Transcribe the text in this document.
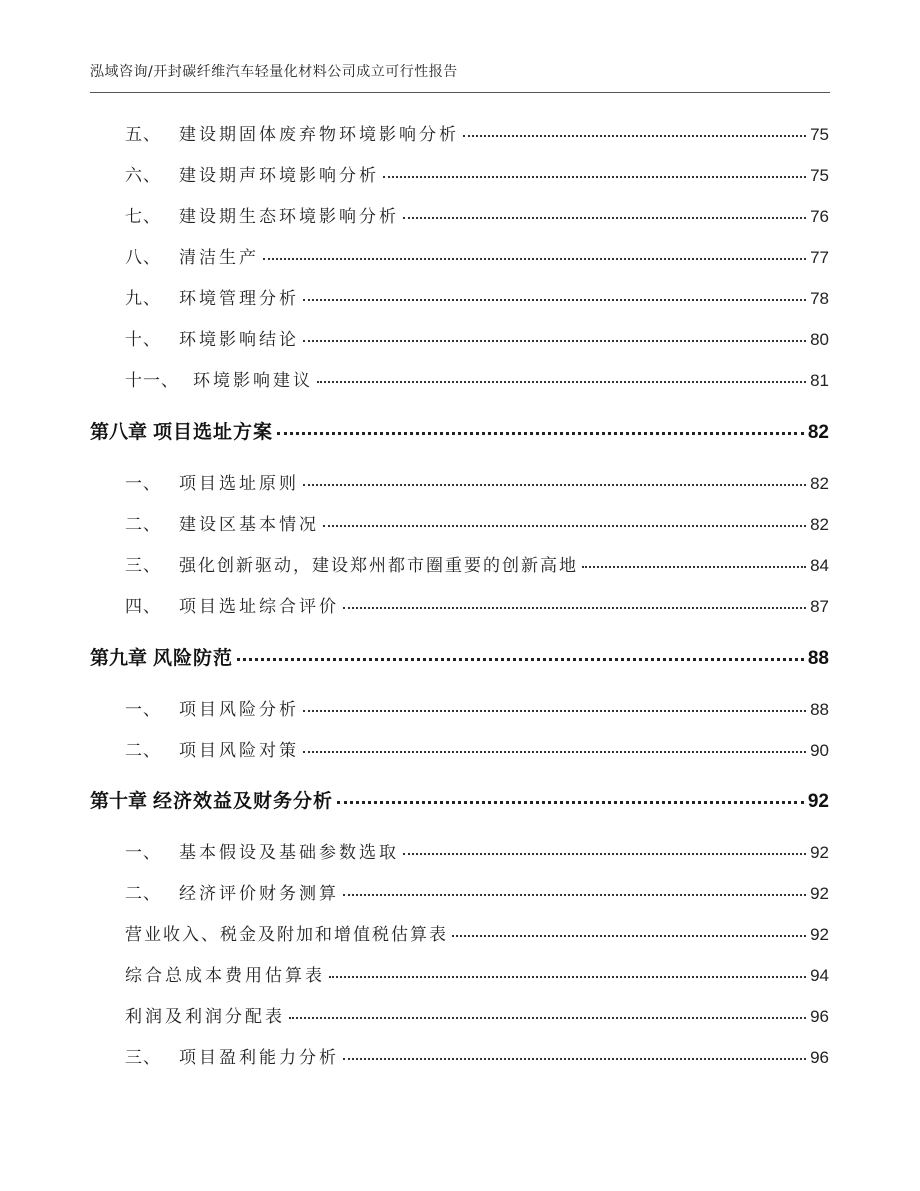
泓域咨询/开封碳纤维汽车轻量化材料公司成立可行性报告
五、 建设期固体废弃物环境影响分析	75
六、 建设期声环境影响分析	75
七、 建设期生态环境影响分析	76
八、 清洁生产	77
九、 环境管理分析	78
十、 环境影响结论	80
十一、 环境影响建议	81
第八章 项目选址方案	82
一、 项目选址原则	82
二、 建设区基本情况	82
三、 强化创新驱动，建设郑州都市圈重要的创新高地	84
四、 项目选址综合评价	87
第九章 风险防范	88
一、 项目风险分析	88
二、 项目风险对策	90
第十章 经济效益及财务分析	92
一、 基本假设及基础参数选取	92
二、 经济评价财务测算	92
营业收入、税金及附加和增值税估算表	92
综合总成本费用估算表	94
利润及利润分配表	96
三、 项目盈利能力分析	96
